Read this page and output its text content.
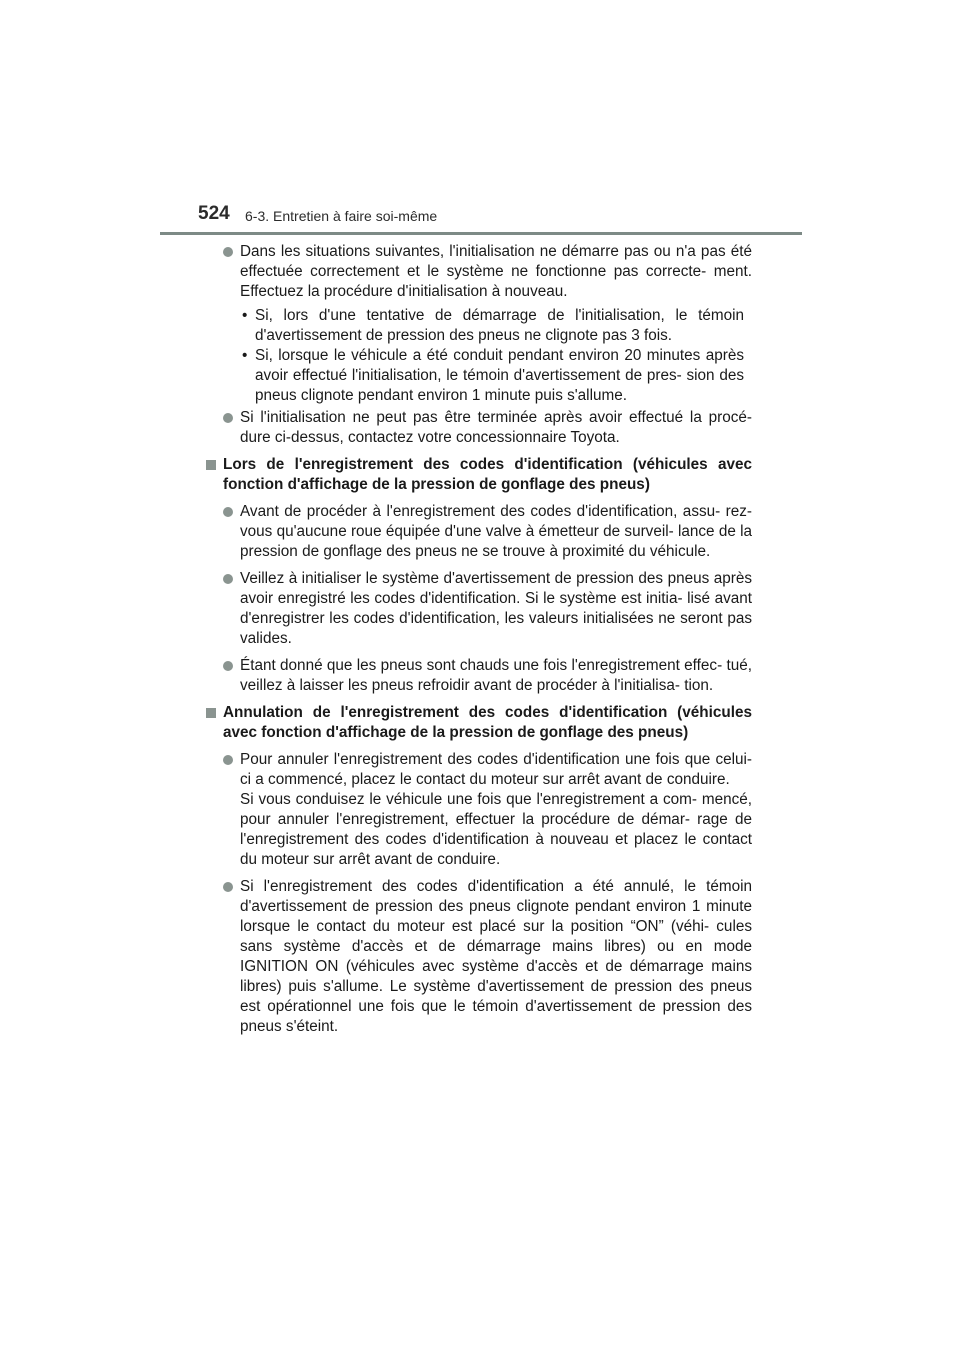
524 6-3. Entretien à faire soi-même
Dans les situations suivantes, l'initialisation ne démarre pas ou n'a pas été effectuée correctement et le système ne fonctionne pas correcte- ment. Effectuez la procédure d'initialisation à nouveau.
• Si, lors d'une tentative de démarrage de l'initialisation, le témoin d'avertissement de pression des pneus ne clignote pas 3 fois.
• Si, lorsque le véhicule a été conduit pendant environ 20 minutes après avoir effectué l'initialisation, le témoin d'avertissement de pres- sion des pneus clignote pendant environ 1 minute puis s'allume.
Si l'initialisation ne peut pas être terminée après avoir effectué la procé- dure ci-dessus, contactez votre concessionnaire Toyota.
Lors de l'enregistrement des codes d'identification (véhicules avec fonction d'affichage de la pression de gonflage des pneus)
Avant de procéder à l'enregistrement des codes d'identification, assu- rez-vous qu'aucune roue équipée d'une valve à émetteur de surveil- lance de la pression de gonflage des pneus ne se trouve à proximité du véhicule.
Veillez à initialiser le système d'avertissement de pression des pneus après avoir enregistré les codes d'identification. Si le système est initia- lisé avant d'enregistrer les codes d'identification, les valeurs initialisées ne seront pas valides.
Étant donné que les pneus sont chauds une fois l'enregistrement effec- tué, veillez à laisser les pneus refroidir avant de procéder à l'initialisa- tion.
Annulation de l'enregistrement des codes d'identification (véhicules avec fonction d'affichage de la pression de gonflage des pneus)
Pour annuler l'enregistrement des codes d'identification une fois que celui-ci a commencé, placez le contact du moteur sur arrêt avant de conduire.
Si vous conduisez le véhicule une fois que l'enregistrement a com- mencé, pour annuler l'enregistrement, effectuer la procédure de démar- rage de l'enregistrement des codes d'identification à nouveau et placez le contact du moteur sur arrêt avant de conduire.
Si l'enregistrement des codes d'identification a été annulé, le témoin d'avertissement de pression des pneus clignote pendant environ 1 minute lorsque le contact du moteur est placé sur la position “ON” (véhi- cules sans système d'accès et de démarrage mains libres) ou en mode IGNITION ON (véhicules avec système d'accès et de démarrage mains libres) puis s'allume. Le système d'avertissement de pression des pneus est opérationnel une fois que le témoin d'avertissement de pression des pneus s'éteint.
